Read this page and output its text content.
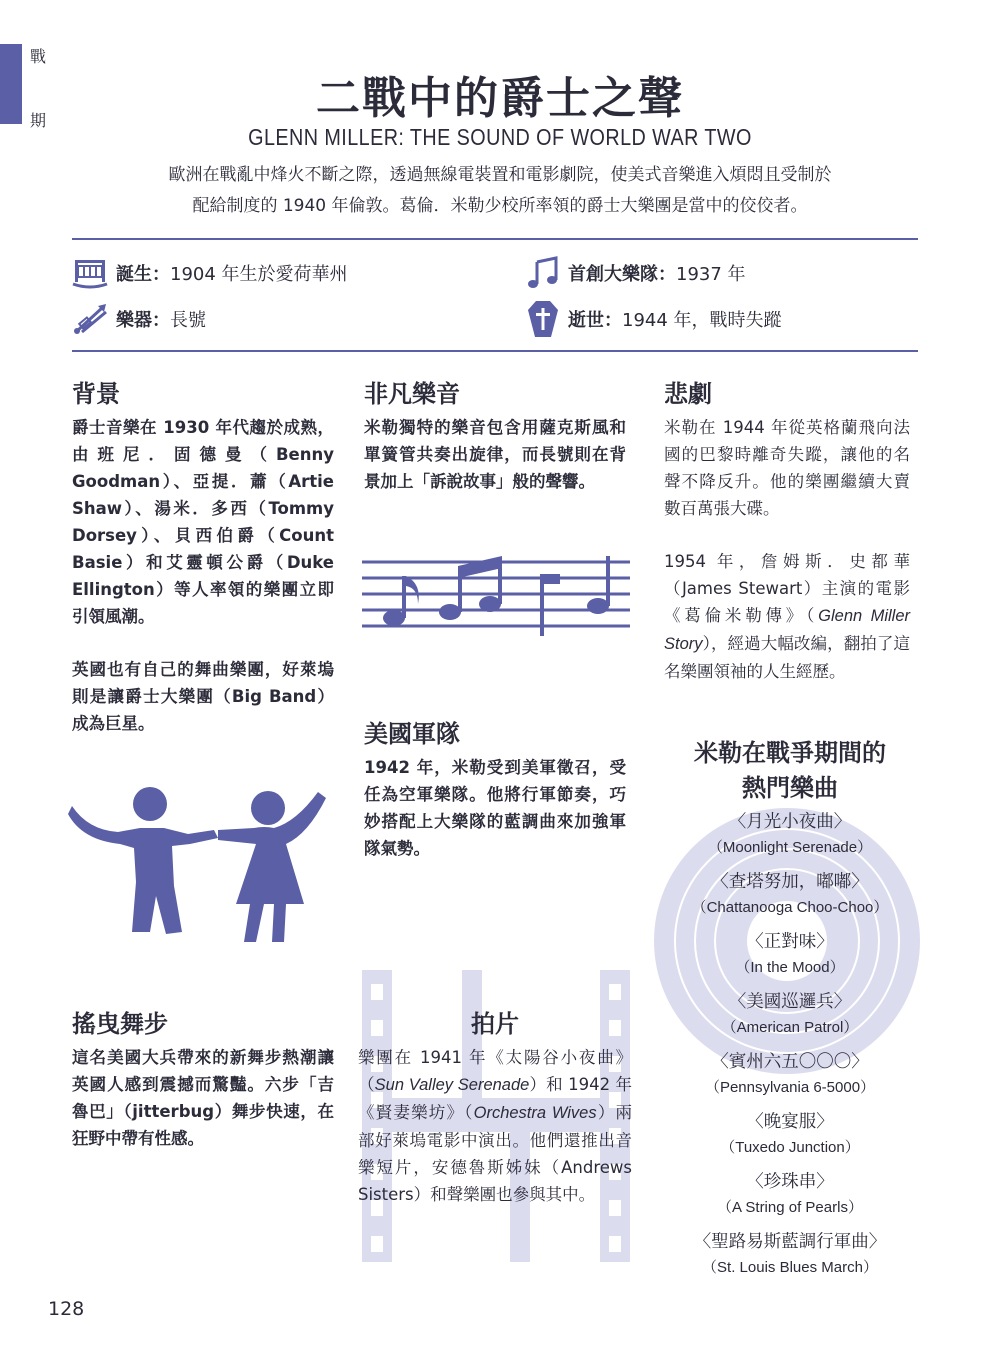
戰
期	二戰中的爵士之聲
GLENN MILLER: THE SOUND OF WORLD WAR TWO
歐洲在戰亂中烽火不斷之際，透過無線電裝置和電影劇院，使美式音樂進入煩悶且受制於
配給制度的 1940 年倫敦。葛倫．米勒少校所率領的爵士大樂團是當中的佼佼者。
誕生： 1904 年生於愛荷華州
樂器： 長號
首創大樂隊： 1937 年
逝世： 1944 年，戰時失蹤
背景
爵士音樂在 1930 年代趨於成熟，由班尼．固德曼（Benny Goodman）、亞提．蕭（Artie Shaw）、湯米．多西（Tommy Dorsey）、貝西伯爵（Count Basie）和艾靈頓公爵（Duke Ellington）等人率領的樂團立即引領風潮。
英國也有自己的舞曲樂團，好萊塢則是讓爵士大樂團（Big Band）成為巨星。
搖曳舞步
這名美國大兵帶來的新舞步熱潮讓英國人感到震撼而驚豔。六步「吉魯巴」（jitterbug）舞步快速，在狂野中帶有性感。
非凡樂音
米勒獨特的樂音包含用薩克斯風和單簧管共奏出旋律，而長號則在背景加上「訴說故事」般的聲響。
美國軍隊
1942 年，米勒受到美軍徵召，受任為空軍樂隊。他將行軍節奏，巧妙搭配上大樂隊的藍調曲來加強軍隊氣勢。
拍片
樂團在 1941 年《太陽谷小夜曲》（Sun Valley Serenade）和 1942 年《賢妻樂坊》（Orchestra Wives）兩部好萊塢電影中演出。他們還推出音樂短片，安德魯斯姊妹（Andrews Sisters）和聲樂團也參與其中。
悲劇
米勒在 1944 年從英格蘭飛向法國的巴黎時離奇失蹤，讓他的名聲不降反升。他的樂團繼續大賣數百萬張大碟。
1954 年，詹姆斯．史都華（James Stewart）主演的電影《葛倫米勒傳》（Glenn Miller Story），經過大幅改編，翻拍了這名樂團領袖的人生經歷。
米勒在戰爭期間的
熱門樂曲
〈月光小夜曲〉
（Moonlight Serenade）
〈查塔努加，嘟嘟〉
（Chattanooga Choo-Choo）
〈正對味〉
（In the Mood）
〈美國巡邏兵〉
（American Patrol）
〈賓州六五〇〇〇〉
（Pennsylvania 6-5000）
〈晚宴服〉
（Tuxedo Junction）
〈珍珠串〉
（A String of Pearls）
〈聖路易斯藍調行軍曲〉
（St. Louis Blues March）
128
